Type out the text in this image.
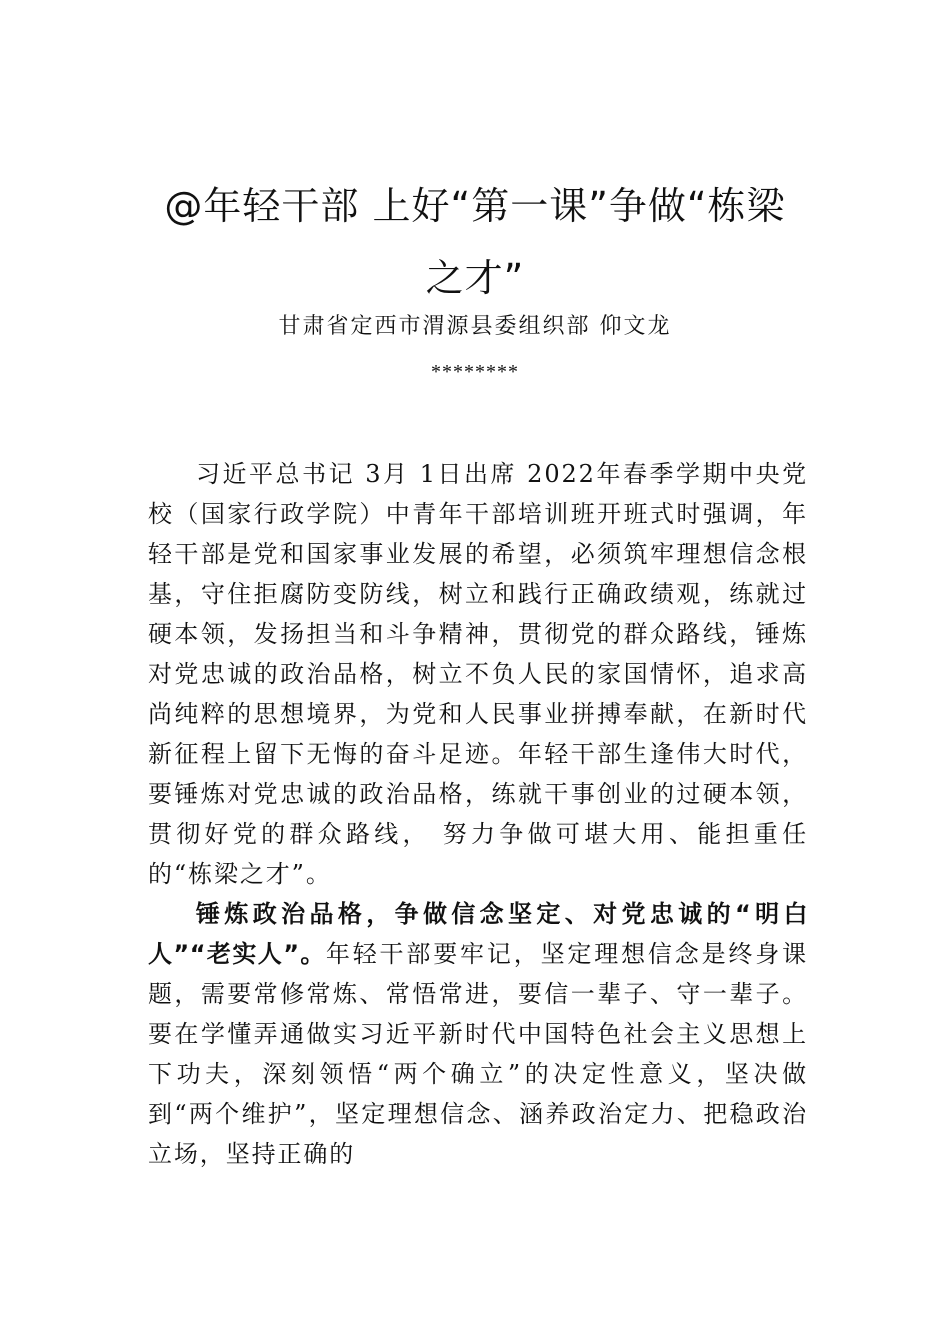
@年轻干部 上好“第一课”争做“栋梁之才”
甘肃省定西市渭源县委组织部 仰文龙
********

习近平总书记 3月 1日出席 2022年春季学期中央党校（国家行政学院）中青年干部培训班开班式时强调，年轻干部是党和国家事业发展的希望，必须筑牢理想信念根基，守住拒腐防变防线，树立和践行正确政绩观，练就过硬本领，发扬担当和斗争精神，贯彻党的群众路线，锤炼对党忠诚的政治品格，树立不负人民的家国情怀，追求高尚纯粹的思想境界，为党和人民事业拼搏奉献，在新时代新征程上留下无悔的奋斗足迹。年轻干部生逢伟大时代，要锤炼对党忠诚的政治品格，练就干事创业的过硬本领，贯彻好党的群众路线， 努力争做可堪大用、能担重任的“栋梁之才”。

锤炼政治品格，争做信念坚定、对党忠诚的“明白人”“老实人”。年轻干部要牢记，坚定理想信念是终身课题，需要常修常炼、常悟常进，要信一辈子、守一辈子。要在学懂弄通做实习近平新时代中国特色社会主义思想上下功夫，深刻领悟“两个确立”的决定性意义，坚决做到“两个维护”，坚定理想信念、涵养政治定力、把稳政治立场，坚持正确的
